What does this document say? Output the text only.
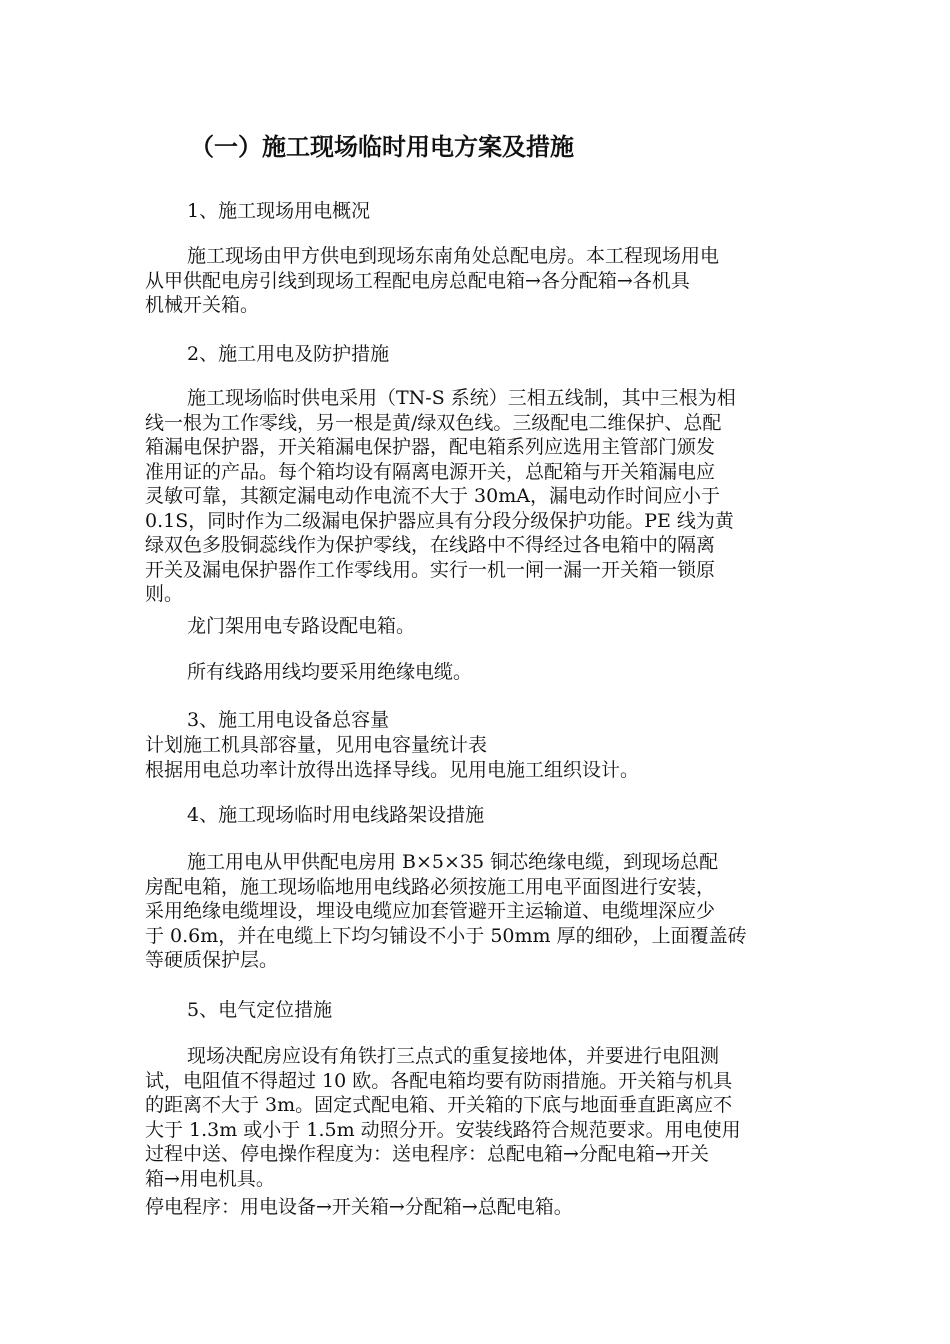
（一）施工现场临时用电方案及措施

1、施工现场用电概况

施工现场由甲方供电到现场东南角处总配电房。本工程现场用电
从甲供配电房引线到现场工程配电房总配电箱→各分配箱→各机具
机械开关箱。

2、施工用电及防护措施

施工现场临时供电采用（TN-S 系统）三相五线制，其中三根为相
线一根为工作零线，另一根是黄/绿双色线。三级配电二维保护、总配
箱漏电保护器，开关箱漏电保护器，配电箱系列应选用主管部门颁发
准用证的产品。每个箱均设有隔离电源开关，总配箱与开关箱漏电应
灵敏可靠，其额定漏电动作电流不大于 30mA，漏电动作时间应小于
0.1S，同时作为二级漏电保护器应具有分段分级保护功能。PE 线为黄
绿双色多股铜蕊线作为保护零线，在线路中不得经过各电箱中的隔离
开关及漏电保护器作工作零线用。实行一机一闸一漏一开关箱一锁原
则。

龙门架用电专路设配电箱。

所有线路用线均要采用绝缘电缆。

3、施工用电设备总容量

计划施工机具部容量，见用电容量统计表

根据用电总功率计放得出选择导线。见用电施工组织设计。

4、施工现场临时用电线路架设措施

施工用电从甲供配电房用 B×5×35 铜芯绝缘电缆，到现场总配
房配电箱，施工现场临地用电线路必须按施工用电平面图进行安装，
采用绝缘电缆埋设，埋设电缆应加套管避开主运输道、电缆埋深应少
于 0.6m，并在电缆上下均匀铺设不小于 50mm 厚的细砂，上面覆盖砖
等硬质保护层。

5、电气定位措施

现场决配房应设有角铁打三点式的重复接地体，并要进行电阻测
试，电阻值不得超过 10 欧。各配电箱均要有防雨措施。开关箱与机具
的距离不大于 3m。固定式配电箱、开关箱的下底与地面垂直距离应不
大于 1.3m 或小于 1.5m 动照分开。安装线路符合规范要求。用电使用
过程中送、停电操作程度为：送电程序：总配电箱→分配电箱→开关
箱→用电机具。

停电程序：用电设备→开关箱→分配箱→总配电箱。
